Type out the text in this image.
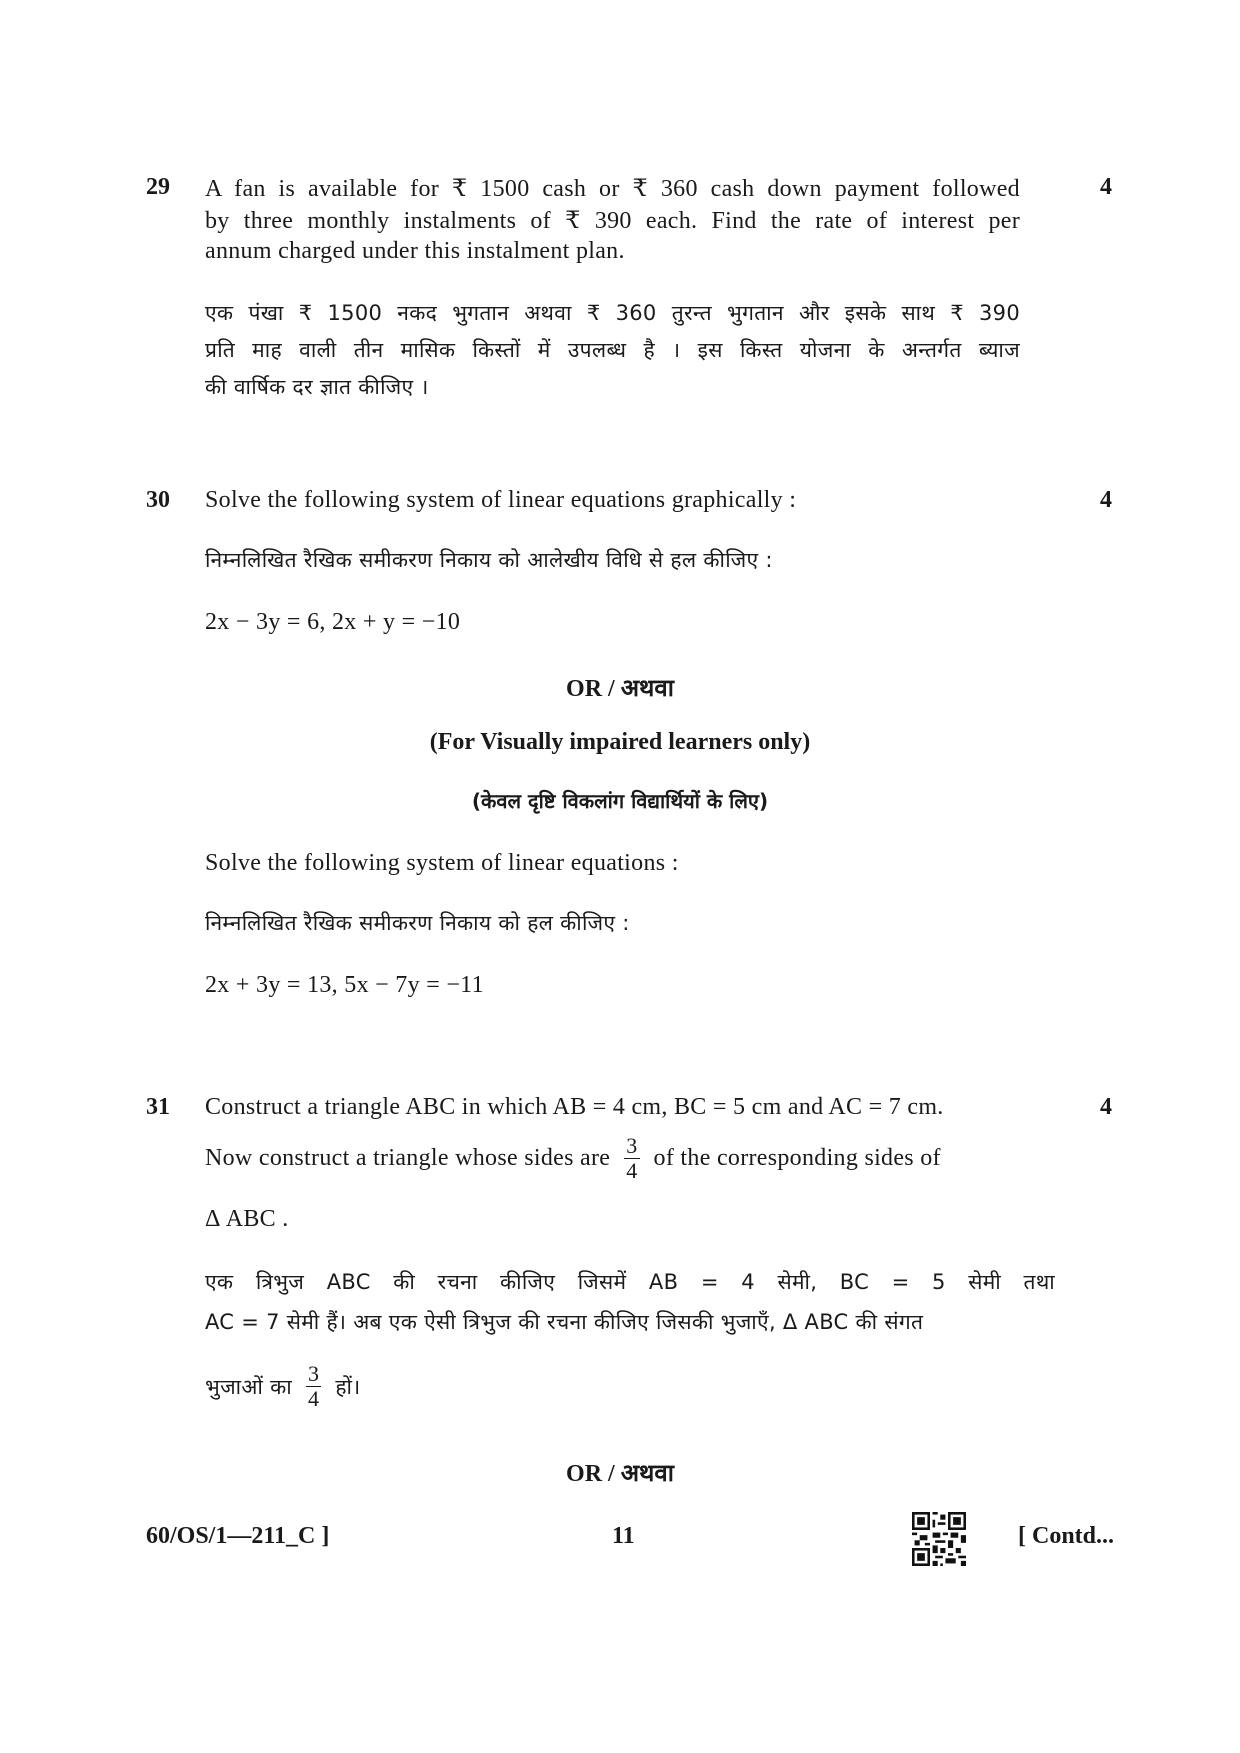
29	4
A fan is available for ₹ 1500 cash or ₹ 360 cash down payment followed
by three monthly instalments of ₹ 390 each. Find the rate of interest per
annum charged under this instalment plan.
एक पंखा ₹ 1500 नकद भुगतान अथवा ₹ 360 तुरन्त भुगतान और इसके साथ ₹ 390
प्रति माह वाली तीन मासिक किस्तों में उपलब्ध है । इस किस्त योजना के अन्तर्गत ब्याज
की वार्षिक दर ज्ञात कीजिए ।
30	4
Solve the following system of linear equations graphically :
निम्नलिखित रैखिक समीकरण निकाय को आलेखीय विधि से हल कीजिए :
2x − 3y = 6, 2x + y = −10
OR / अथवा
(For Visually impaired learners only)
(केवल दृष्टि विकलांग विद्यार्थियों के लिए)
Solve the following system of linear equations :
निम्नलिखित रैखिक समीकरण निकाय को हल कीजिए :
2x + 3y = 13, 5x − 7y = −11
31	4
Construct a triangle ABC in which AB = 4 cm, BC = 5 cm and AC = 7 cm.
Now construct a triangle whose sides are $\frac{3}{4}$ of the corresponding sides of
Δ ABC .
एक त्रिभुज ABC की रचना कीजिए जिसमें AB = 4 सेमी, BC = 5 सेमी तथा
AC = 7 सेमी हैं। अब एक ऐसी त्रिभुज की रचना कीजिए जिसकी भुजाएँ, Δ ABC की संगत
भुजाओं का $\frac{3}{4}$ हों।
OR / अथवा
60/OS/1—211_C ]	11	[ Contd...
